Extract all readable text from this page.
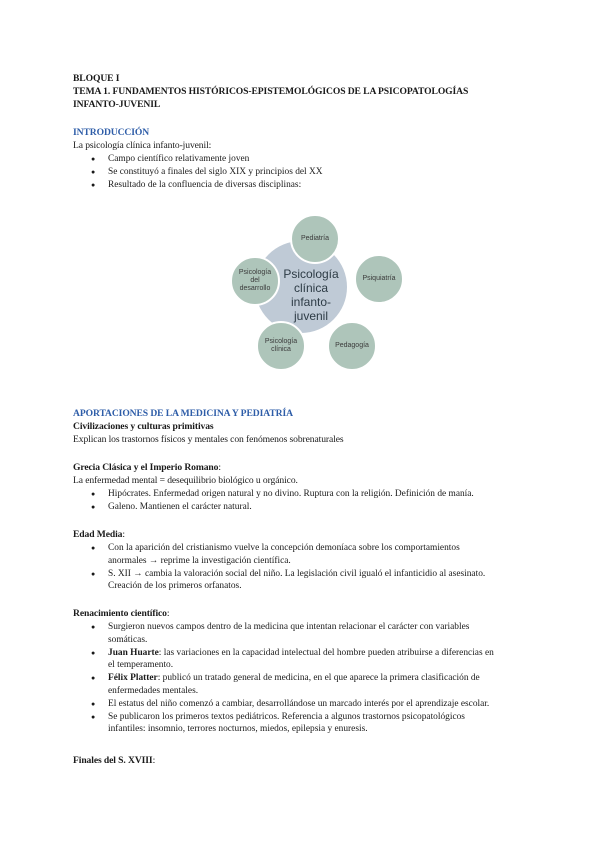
BLOQUE I
TEMA 1. FUNDAMENTOS HISTÓRICOS-EPISTEMOLÓGICOS DE LA PSICOPATOLOGÍAS
INFANTO-JUVENIL
INTRODUCCIÓN
La psicología clínica infanto-juvenil:
● Campo científico relativamente joven
● Se constituyó a finales del siglo XIX y principios del XX
● Resultado de la confluencia de diversas disciplinas:
Psicología
clínica
infanto-
juvenil
Pediatría
Psiquiatría
Pedagogía
Psicología
clínica
Psicología
del
desarrollo
APORTACIONES DE LA MEDICINA Y PEDIATRÍA
Civilizaciones y culturas primitivas
Explican los trastornos físicos y mentales con fenómenos sobrenaturales
Grecia Clásica y el Imperio Romano:
La enfermedad mental = desequilibrio biológico u orgánico.
● Hipócrates. Enfermedad origen natural y no divino. Ruptura con la religión. Definición de manía.
● Galeno. Mantienen el carácter natural.
Edad Media:
● Con la aparición del cristianismo vuelve la concepción demoníaca sobre los comportamientos
anormales → reprime la investigación científica.
● S. XII → cambia la valoración social del niño. La legislación civil igualó el infanticidio al asesinato.
Creación de los primeros orfanatos.
Renacimiento científico:
● Surgieron nuevos campos dentro de la medicina que intentan relacionar el carácter con variables
somáticas.
● Juan Huarte: las variaciones en la capacidad intelectual del hombre pueden atribuirse a diferencias en
el temperamento.
● Félix Platter: publicó un tratado general de medicina, en el que aparece la primera clasificación de
enfermedades mentales.
● El estatus del niño comenzó a cambiar, desarrollándose un marcado interés por el aprendizaje escolar.
● Se publicaron los primeros textos pediátricos. Referencia a algunos trastornos psicopatológicos
infantiles: insomnio, terrores nocturnos, miedos, epilepsia y enuresis.
Finales del S. XVIII:
